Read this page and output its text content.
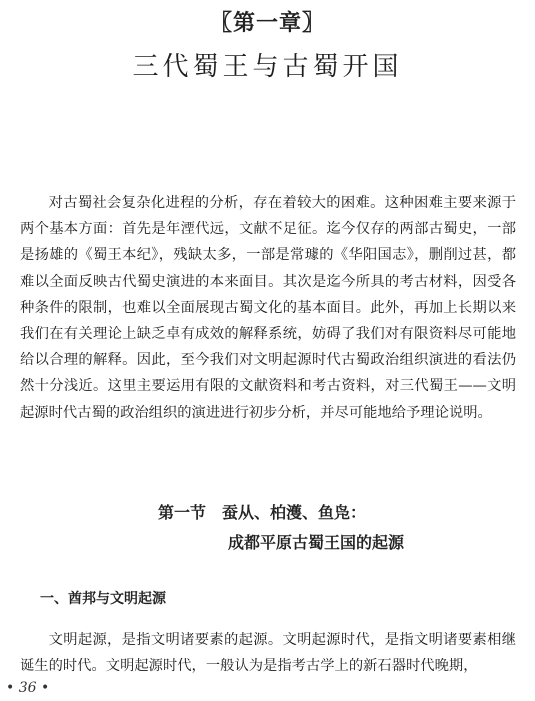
〖第一章〗
三代蜀王与古蜀开国

对古蜀社会复杂化进程的分析，存在着较大的困难。这种困难主要来源于两个基本方面：首先是年湮代远，文献不足征。迄今仅存的两部古蜀史，一部是扬雄的《蜀王本纪》，残缺太多，一部是常璩的《华阳国志》，删削过甚，都难以全面反映古代蜀史演进的本来面目。其次是迄今所具的考古材料，因受各种条件的限制，也难以全面展现古蜀文化的基本面目。此外，再加上长期以来我们在有关理论上缺乏卓有成效的解释系统，妨碍了我们对有限资料尽可能地给以合理的解释。因此，至今我们对文明起源时代古蜀政治组织演进的看法仍然十分浅近。这里主要运用有限的文献资料和考古资料，对三代蜀王——文明起源时代古蜀的政治组织的演进进行初步分析，并尽可能地给予理论说明。

第一节　蚕从、柏濩、鱼凫：
成都平原古蜀王国的起源
一、酋邦与文明起源

文明起源，是指文明诸要素的起源。文明起源时代，是指文明诸要素相继诞生的时代。文明起源时代，一般认为是指考古学上的新石器时代晚期，

• 36 •
